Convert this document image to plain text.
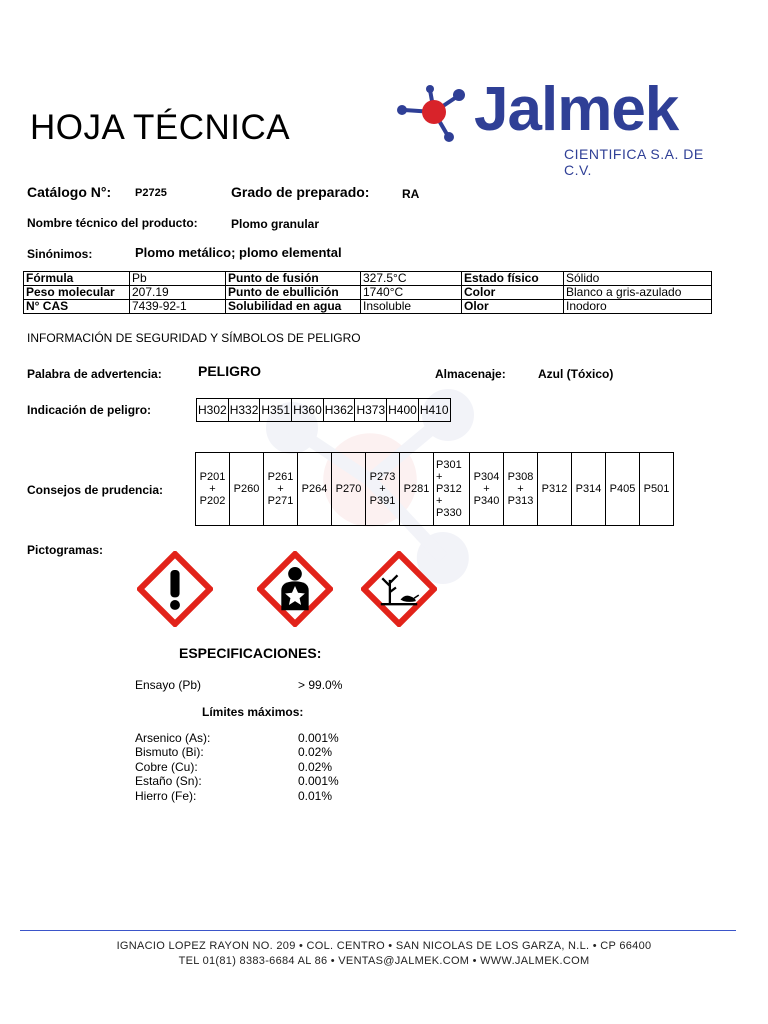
HOJA TÉCNICA	Jalmek
CIENTIFICA S.A. DE C.V.
Catálogo N°: P2725	Grado de preparado:	RA
Nombre técnico del producto:	Plomo granular
Sinónimos:	Plomo metálico; plomo elemental
Fórmula	Pb	Punto de fusión	327.5°C	Estado físico	Sólido
Peso molecular	207.19	Punto de ebullición	1740°C	Color	Blanco a gris-azulado
N° CAS	7439-92-1	Solubilidad en agua	Insoluble	Olor	Inodoro
INFORMACIÓN DE SEGURIDAD Y SÍMBOLOS DE PELIGRO
Palabra de advertencia:	PELIGRO	Almacenaje:	Azul (Tóxico)
Indicación de peligro:	H302	H332	H351	H360	H362	H373	H400	H410
Consejos de prudencia:
P201
+
P202

P260

P261
+
P271

P264	P270

P273
+
P391

P281

P301
+
P312
+
P330

P304
+
P340

P308
+
P313

P312	P314	P405	P501
Pictogramas:
ESPECIFICACIONES:
Ensayo (Pb)	> 99.0%
Límites máximos:
Arsenico (As):	0.001%
Bismuto (Bi):	0.02%
Cobre (Cu):	0.02%
Estaño (Sn):	0.001%
Hierro (Fe):	0.01%
IGNACIO LOPEZ RAYON NO. 209 • COL. CENTRO • SAN NICOLAS DE LOS GARZA, N.L. • CP 66400
TEL 01(81) 8383-6684 AL 86 • VENTAS@JALMEK.COM • WWW.JALMEK.COM
